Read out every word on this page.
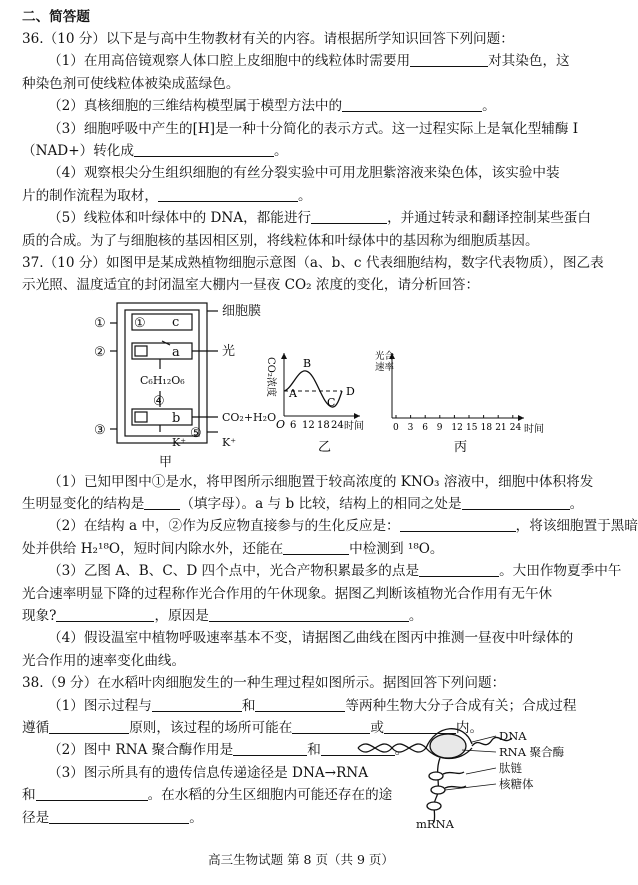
二、简答题
36.（10 分）以下是与高中生物教材有关的内容。请根据所学知识回答下列问题：
（1）在用高倍镜观察人体口腔上皮细胞中的线粒体时需要用	对其染色，这
种染色剂可使线粒体被染成蓝绿色。
（2）真核细胞的三维结构模型属于模型方法中的	。
（3）细胞呼吸中产生的[H]是一种十分简化的表示方式。这一过程实际上是氧化型辅酶 I
（NAD+）转化成	。
（4）观察根尖分生组织细胞的有丝分裂实验中可用龙胆紫溶液来染色体，该实验中装
片的制作流程为取材，	。
（5）线粒体和叶绿体中的 DNA，都能进行	，并通过转录和翻译控制某些蛋白
质的合成。为了与细胞核的基因相区别，将线粒体和叶绿体中的基因称为细胞质基因。
37.（10 分）如图甲是某成熟植物细胞示意图（a、b、c 代表细胞结构，数字代表物质），图乙表
示光照、温度适宜的封闭温室大棚内一昼夜 CO₂ 浓度的变化，请分析回答：
① ① c
②	a
细胞膜
光
C₆H₁₂O₆
④
③
b	CO₂+H₂O
⑤
K⁺	K⁺
甲
CO₂浓度
O	时间
A
B
C
D
6 12 18 24
乙
0 3 6 9 12 15 18 21 24
光合 速率
时间
丙
（1）已知甲图中①是水，将甲图所示细胞置于较高浓度的 KNO₃ 溶液中，细胞中体积将发
生明显变化的结构是	（填字母）。a 与 b 比较，结构上的相同之处是	。
（2）在结构 a 中，②作为反应物直接参与的生化反应是：	，将该细胞置于黑暗
处并供给 H₂¹⁸O，短时间内除水外，还能在	中检测到 ¹⁸O。
（3）乙图 A、B、C、D 四个点中，光合产物积累最多的点是	。大田作物夏季中午
光合速率明显下降的过程称作光合作用的午休现象。据图乙判断该植物光合作用有无午休
现象?	，原因是	。
（4）假设温室中植物呼吸速率基本不变，请据图乙曲线在图丙中推测一昼夜中叶绿体的
光合作用的速率变化曲线。
38.（9 分）在水稻叶肉细胞发生的一种生理过程如图所示。据图回答下列问题：
（1）图示过程与	和	等两种生物大分子合成有关；合成过程
遵循	原则，该过程的场所可能在	或	内。
（2）图中 RNA 聚合酶作用是	和	。
（3）图示所具有的遗传信息传递途径是 DNA→RNA
和	。在水稻的分生区细胞内可能还存在的途
径是	。
DNA
RNA 聚合酶
肽链
核糖体
mRNA
高三生物试题 第 8 页（共 9 页）
